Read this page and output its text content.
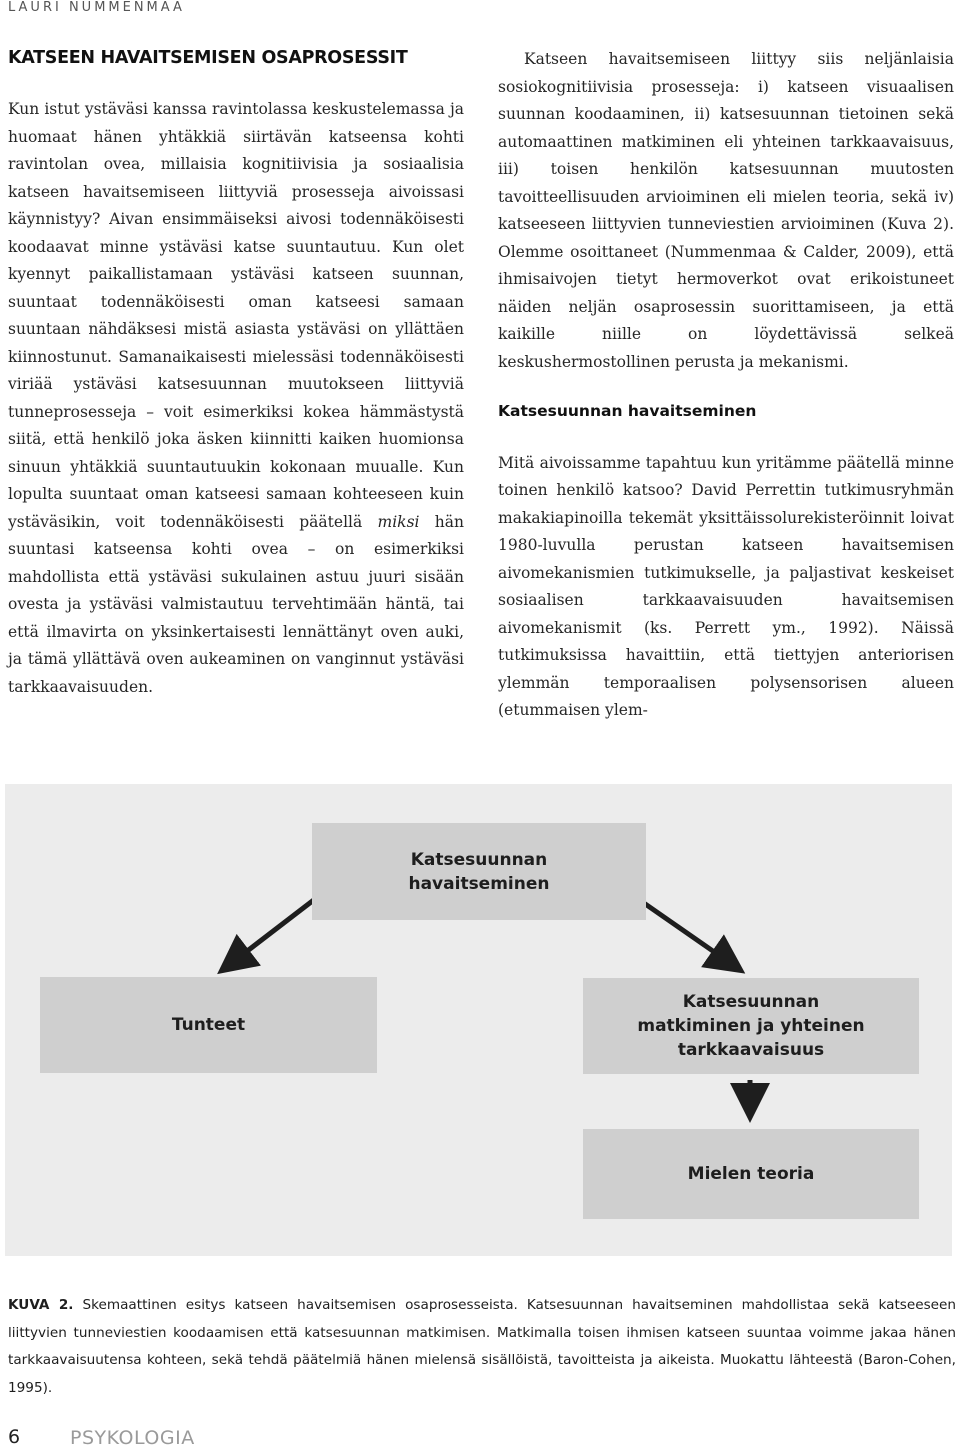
LAURI NUMMENMAA
KATSEEN HAVAITSEMISEN OSAPROSESSIT

Kun istut ystäväsi kanssa ravintolassa keskustelemassa ja huomaat hänen yhtäkkiä siirtävän katseensa kohti ravintolan ovea, millaisia kognitiivisia ja sosiaalisia katseen havaitsemiseen liittyviä prosesseja aivoissasi käynnistyy? Aivan ensimmäiseksi aivosi todennäköisesti koodaavat minne ystäväsi katse suuntautuu. Kun olet kyennyt paikallistamaan ystäväsi katseen suunnan, suuntaat todennäköisesti oman katseesi samaan suuntaan nähdäksesi mistä asiasta ystäväsi on yllättäen kiinnostunut. Samanaikaisesti mielessäsi todennäköisesti viriää ystäväsi katsesuunnan muutokseen liittyviä tunneprosesseja – voit esimerkiksi kokea hämmästystä siitä, että henkilö joka äsken kiinnitti kaiken huomionsa sinuun yhtäkkiä suuntautuukin kokonaan muualle. Kun lopulta suuntaat oman katseesi samaan kohteeseen kuin ystäväsikin, voit todennäköisesti päätellä miksi hän suuntasi katseensa kohti ovea – on esimerkiksi mahdollista että ystäväsi sukulainen astuu juuri sisään ovesta ja ystäväsi valmistautuu tervehtimään häntä, tai että ilmavirta on yksinkertaisesti lennättänyt oven auki, ja tämä yllättävä oven aukeaminen on vanginnut ystäväsi tarkkaavaisuuden.

Katseen havaitsemiseen liittyy siis neljänlaisia sosiokognitiivisia prosesseja: i) katseen visuaalisen suunnan koodaaminen, ii) katsesuunnan tietoinen sekä automaattinen matkiminen eli yhteinen tarkkaavaisuus, iii) toisen henkilön katsesuunnan muutosten tavoitteellisuuden arvioiminen eli mielen teoria, sekä iv) katseeseen liittyvien tunneviestien arvioiminen (Kuva 2). Olemme osoittaneet (Nummenmaa & Calder, 2009), että ihmisaivojen tietyt hermoverkot ovat erikoistuneet näiden neljän osaprosessin suorittamiseen, ja että kaikille niille on löydettävissä selkeä keskushermostollinen perusta ja mekanismi.

Katsesuunnan havaitseminen

Mitä aivoissamme tapahtuu kun yritämme päätellä minne toinen henkilö katsoo? David Perrettin tutkimusryhmän makakiapinoilla tekemät yksittäissolurekisteröinnit loivat 1980-luvulla perustan katseen havaitsemisen aivomekanismien tutkimukselle, ja paljastivat keskeiset sosiaalisen tarkkaavaisuuden havaitsemisen aivomekanismit (ks. Perrett ym., 1992). Näissä tutkimuksissa havaittiin, että tiettyjen anteriorisen ylemmän temporaalisen polysensorisen alueen (etummaisen ylem-

Katsesuunnan
havaitseminen
Tunteet
Katsesuunnan
matkiminen ja yhteinen
tarkkaavaisuus
Mielen teoria
KUVA 2. Skemaattinen esitys katseen havaitsemisen osaprosesseista. Katsesuunnan havaitseminen mahdollistaa sekä katseeseen liittyvien tunneviestien koodaamisen että katsesuunnan matkimisen. Matkimalla toisen ihmisen katseen suuntaa voimme jakaa hänen tarkkaavaisuutensa kohteen, sekä tehdä päätelmiä hänen mielensä sisällöistä, tavoitteista ja aikeista. Muokattu lähteestä (Baron-Cohen, 1995).
6	PSYKOLOGIA
